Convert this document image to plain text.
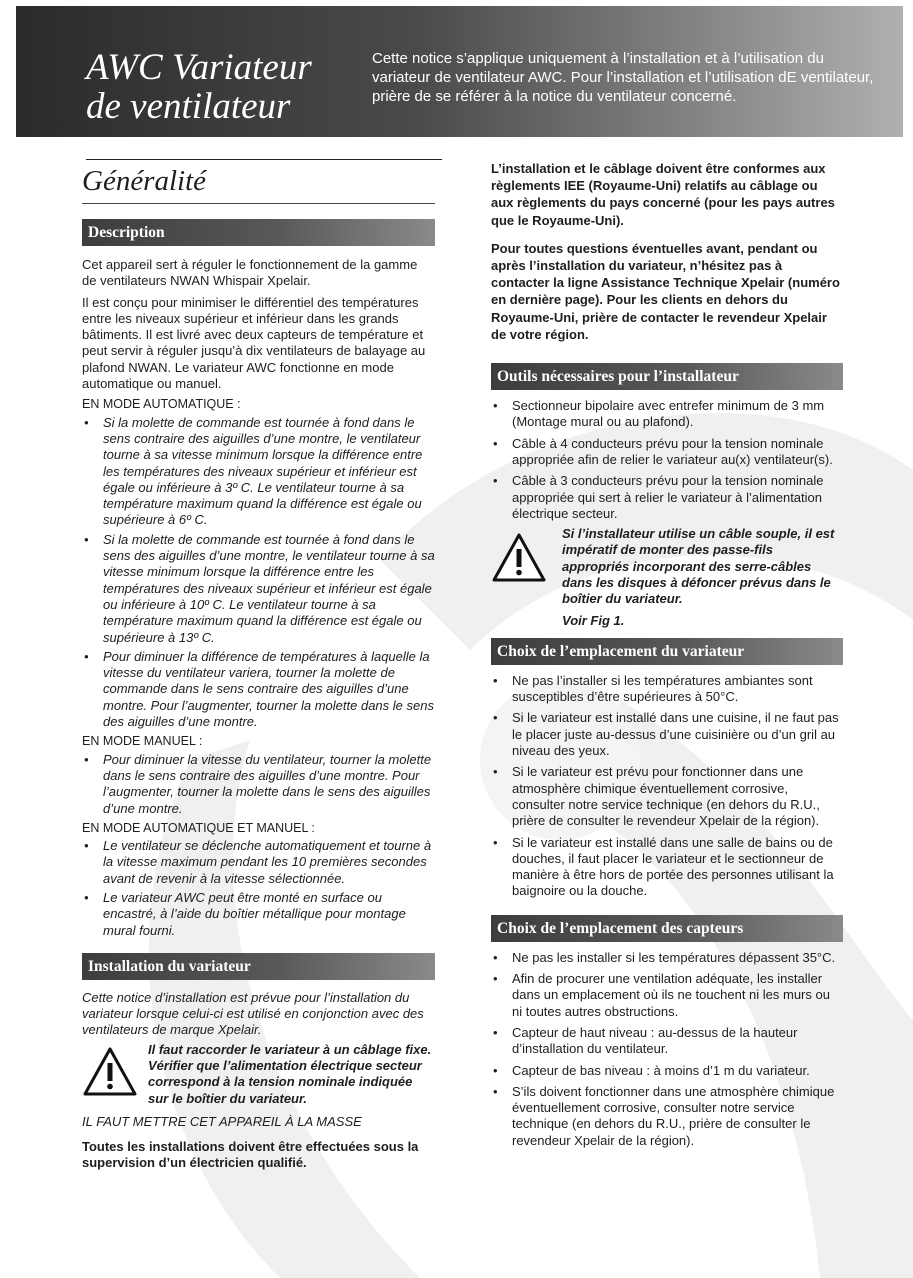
AWC Variateur
de ventilateur

Cette notice s’applique uniquement à l’installation et à l’utilisation du variateur de ventilateur AWC. Pour l’installation et l’utilisation dE ventilateur, prière de se référer à la notice du ventilateur concerné.

Généralité
Description

Cet appareil sert à réguler le fonctionnement de la gamme de ventilateurs NWAN Whispair Xpelair.

Il est conçu pour minimiser le différentiel des températures entre les niveaux supérieur et inférieur dans les grands bâtiments. Il est livré avec deux capteurs de température et peut servir à réguler jusqu’à dix ventilateurs de balayage au plafond NWAN. Le variateur AWC fonctionne en mode automatique ou manuel.

EN MODE AUTOMATIQUE :

• Si la molette de commande est tournée à fond dans le sens contraire des aiguilles d’une montre, le ventilateur tourne à sa vitesse minimum lorsque la différence entre les températures des niveaux supérieur et inférieur est égale ou inférieure à 3º C. Le ventilateur tourne à sa température maximum quand la différence est égale ou supérieure à 6º C.
• Si la molette de commande est tournée à fond dans le sens des aiguilles d’une montre, le ventilateur tourne à sa vitesse minimum lorsque la différence entre les températures des niveaux supérieur et inférieur est égale ou inférieure à 10º C. Le ventilateur tourne à sa température maximum quand la différence est égale ou supérieure à 13º C.
• Pour diminuer la différence de températures à laquelle la vitesse du ventilateur variera, tourner la molette de commande dans le sens contraire des aiguilles d’une montre. Pour l’augmenter, tourner la molette dans le sens des aiguilles d’une montre.

EN MODE MANUEL :

• Pour diminuer la vitesse du ventilateur, tourner la molette dans le sens contraire des aiguilles d’une montre. Pour l’augmenter, tourner la molette dans le sens des aiguilles d’une montre.

EN MODE AUTOMATIQUE ET MANUEL :

• Le ventilateur se déclenche automatiquement et tourne à la vitesse maximum pendant les 10 premières secondes avant de revenir à la vitesse sélectionnée.
• Le variateur AWC peut être monté en surface ou encastré, à l’aide du boîtier métallique pour montage mural fourni.
Installation du variateur

Cette notice d’installation est prévue pour l’installation du variateur lorsque celui-ci est utilisé en conjonction avec des ventilateurs de marque Xpelair.

Il faut raccorder le variateur à un câblage fixe. Vérifier que l’alimentation électrique secteur correspond à la tension nominale indiquée sur le boîtier du variateur.

IL FAUT METTRE CET APPAREIL À LA MASSE

Toutes les installations doivent être effectuées sous la supervision d’un électricien qualifié.

L’installation et le câblage doivent être conformes aux règlements IEE (Royaume-Uni) relatifs au câblage ou aux règlements du pays concerné (pour les pays autres que le Royaume-Uni).

Pour toutes questions éventuelles avant, pendant ou après l’installation du variateur, n’hésitez pas à contacter la ligne Assistance Technique Xpelair (numéro en dernière page). Pour les clients en dehors du Royaume-Uni, prière de contacter le revendeur Xpelair de votre région.

Outils nécessaires pour l’installateur
• Sectionneur bipolaire avec entrefer minimum de 3 mm (Montage mural ou au plafond).
• Câble à 4 conducteurs prévu pour la tension nominale appropriée afin de relier le variateur au(x) ventilateur(s).
• Câble à 3 conducteurs prévu pour la tension nominale appropriée qui sert à relier le variateur à l’alimentation électrique secteur.
Si l’installateur utilise un câble souple, il est impératif de monter des passe-fils appropriés incorporant des serre-câbles dans les disques à défoncer prévus dans le boîtier du variateur.
Voir Fig 1.
Choix de l’emplacement du variateur
• Ne pas l’installer si les températures ambiantes sont susceptibles d’être supérieures à 50°C.
• Si le variateur est installé dans une cuisine, il ne faut pas le placer juste au-dessus d’une cuisinière ou d’un gril au niveau des yeux.
• Si le variateur est prévu pour fonctionner dans une atmosphère chimique éventuellement corrosive, consulter notre service technique (en dehors du R.U., prière de consulter le revendeur Xpelair de la région).
• Si le variateur est installé dans une salle de bains ou de douches, il faut placer le variateur et le sectionneur de manière à être hors de portée des personnes utilisant la baignoire ou la douche.
Choix de l’emplacement des capteurs
• Ne pas les installer si les températures dépassent 35°C.
• Afin de procurer une ventilation adéquate, les installer dans un emplacement où ils ne touchent ni les murs ou ni toutes autres obstructions.
• Capteur de haut niveau : au-dessus de la hauteur d’installation du ventilateur.
• Capteur de bas niveau : à moins d’1 m du variateur.
• S’ils doivent fonctionner dans une atmosphère chimique éventuellement corrosive, consulter notre service technique (en dehors du R.U., prière de consulter le revendeur Xpelair de la région).
